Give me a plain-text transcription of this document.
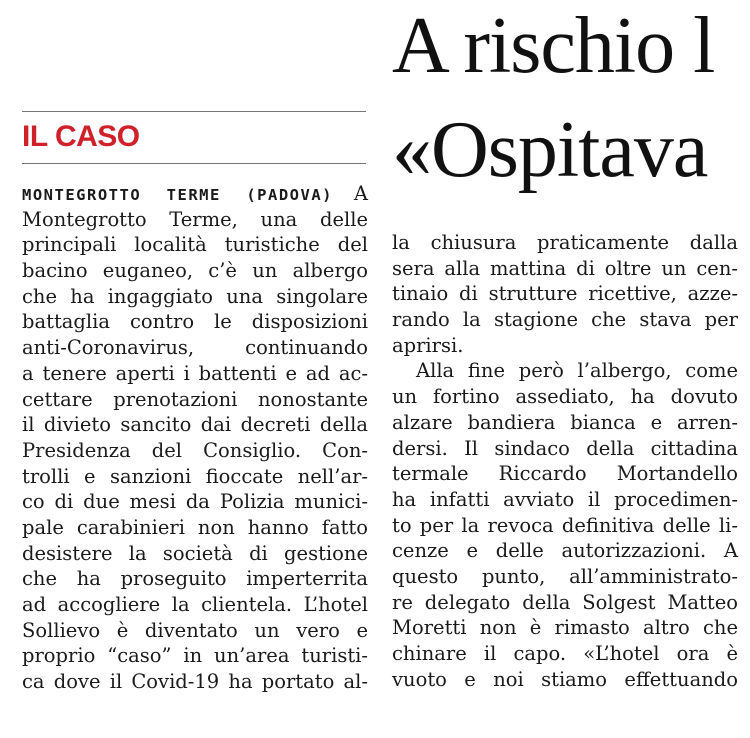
A rischio l
«Ospitava
IL CASO
MONTEGROTTO TERME (PADOVA) A
Montegrotto Terme, una delle
principali località turistiche del
bacino euganeo, c’è un albergo
che ha ingaggiato una singolare
battaglia contro le disposizioni
anti-Coronavirus, continuando
a tenere aperti i battenti e ad ac-
cettare prenotazioni nonostante
il divieto sancito dai decreti della
Presidenza del Consiglio. Con-
trolli e sanzioni fioccate nell’ar-
co di due mesi da Polizia munici-
pale carabinieri non hanno fatto
desistere la società di gestione
che ha proseguito imperterrita
ad accogliere la clientela. L’hotel
Sollievo è diventato un vero e
proprio “caso” in un’area turisti-
ca dove il Covid-19 ha portato al-
la chiusura praticamente dalla
sera alla mattina di oltre un cen-
tinaio di strutture ricettive, azze-
rando la stagione che stava per
aprirsi.
Alla fine però l’albergo, come
un fortino assediato, ha dovuto
alzare bandiera bianca e arren-
dersi. Il sindaco della cittadina
termale Riccardo Mortandello
ha infatti avviato il procedimen-
to per la revoca definitiva delle li-
cenze e delle autorizzazioni. A
questo punto, all’amministrato-
re delegato della Solgest Matteo
Moretti non è rimasto altro che
chinare il capo. «L’hotel ora è
vuoto e noi stiamo effettuando
